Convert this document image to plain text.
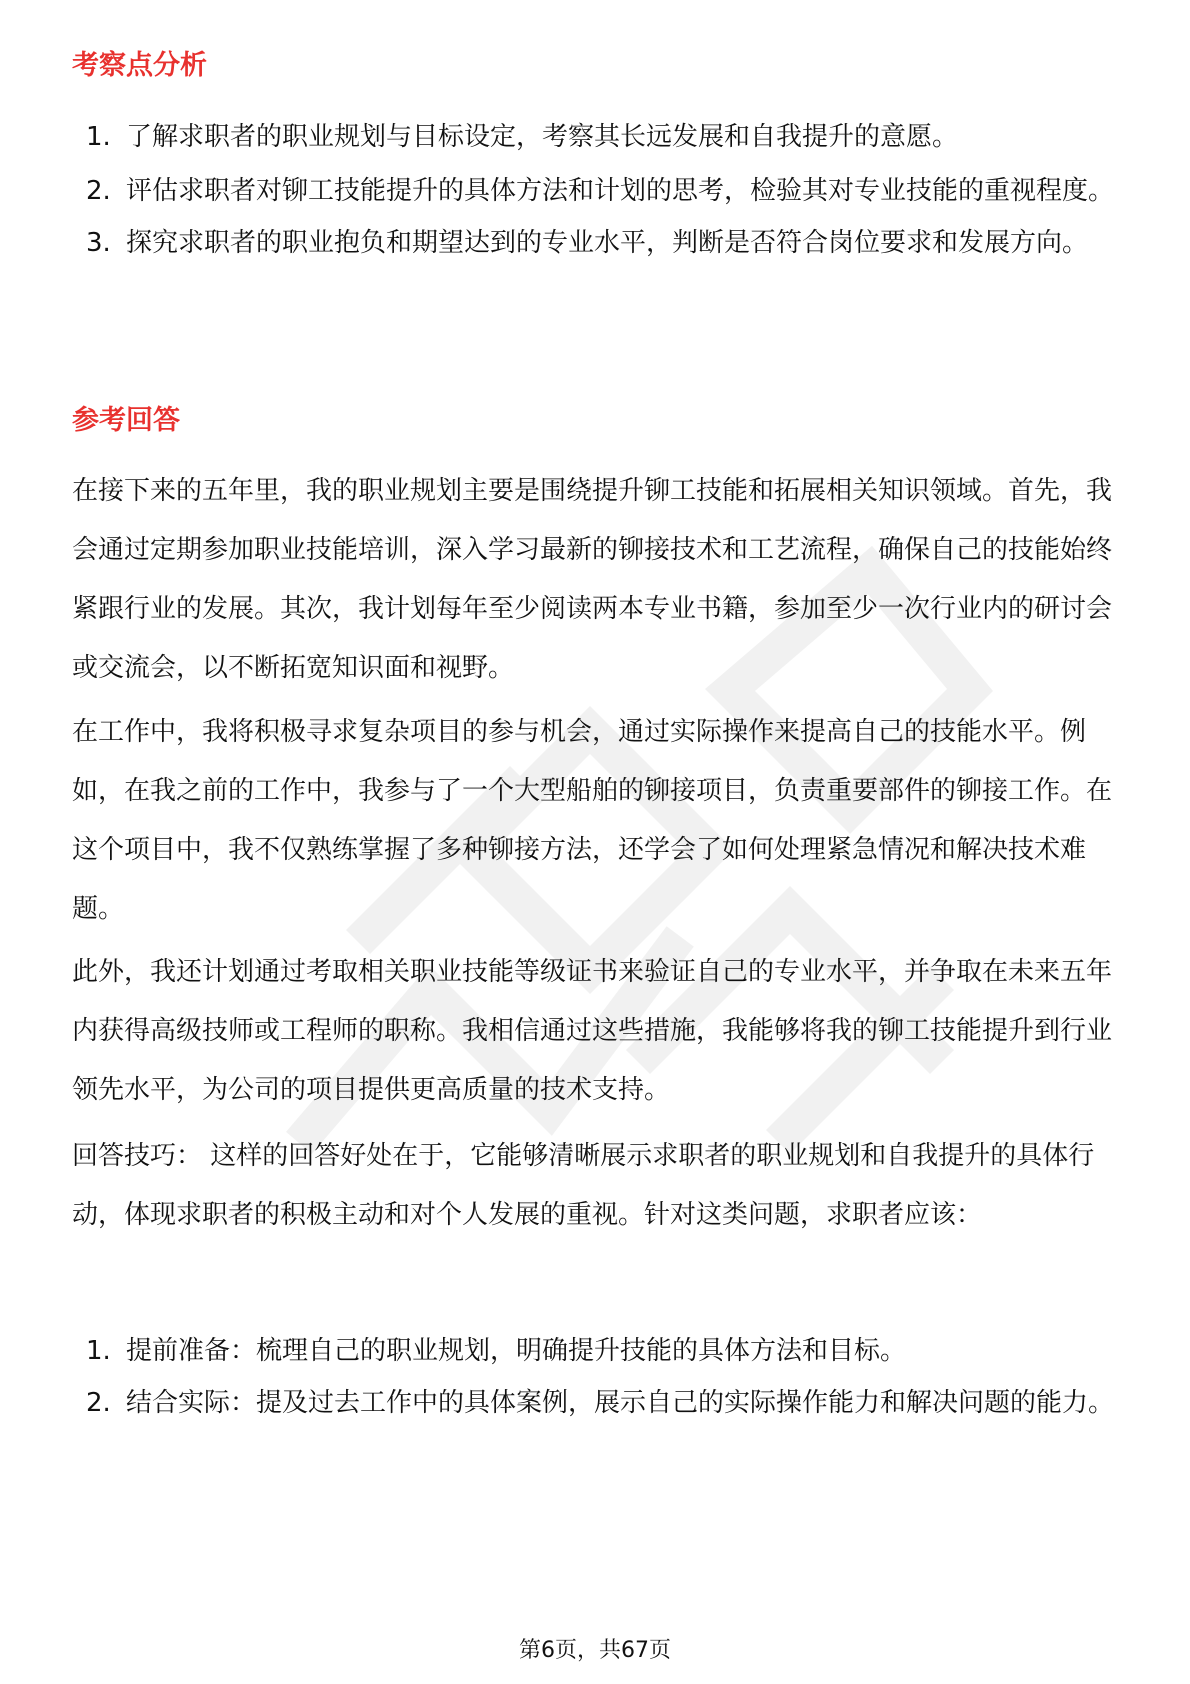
考察点分析
1. 了解求职者的职业规划与目标设定，考察其长远发展和自我提升的意愿。
2. 评估求职者对铆工技能提升的具体方法和计划的思考，检验其对专业技能的重视程度。
3. 探究求职者的职业抱负和期望达到的专业水平，判断是否符合岗位要求和发展方向。
参考回答
在接下来的五年里，我的职业规划主要是围绕提升铆工技能和拓展相关知识领域。首先，我会通过定期参加职业技能培训，深入学习最新的铆接技术和工艺流程，确保自己的技能始终紧跟行业的发展。其次，我计划每年至少阅读两本专业书籍，参加至少一次行业内的研讨会或交流会，以不断拓宽知识面和视野。
在工作中，我将积极寻求复杂项目的参与机会，通过实际操作来提高自己的技能水平。例如，在我之前的工作中，我参与了一个大型船舶的铆接项目，负责重要部件的铆接工作。在这个项目中，我不仅熟练掌握了多种铆接方法，还学会了如何处理紧急情况和解决技术难题。
此外，我还计划通过考取相关职业技能等级证书来验证自己的专业水平，并争取在未来五年内获得高级技师或工程师的职称。我相信通过这些措施，我能够将我的铆工技能提升到行业领先水平，为公司的项目提供更高质量的技术支持。
回答技巧： 这样的回答好处在于，它能够清晰展示求职者的职业规划和自我提升的具体行动，体现求职者的积极主动和对个人发展的重视。针对这类问题，求职者应该：
1. 提前准备：梳理自己的职业规划，明确提升技能的具体方法和目标。
2. 结合实际：提及过去工作中的具体案例，展示自己的实际操作能力和解决问题的能力。
第6页，共67页
